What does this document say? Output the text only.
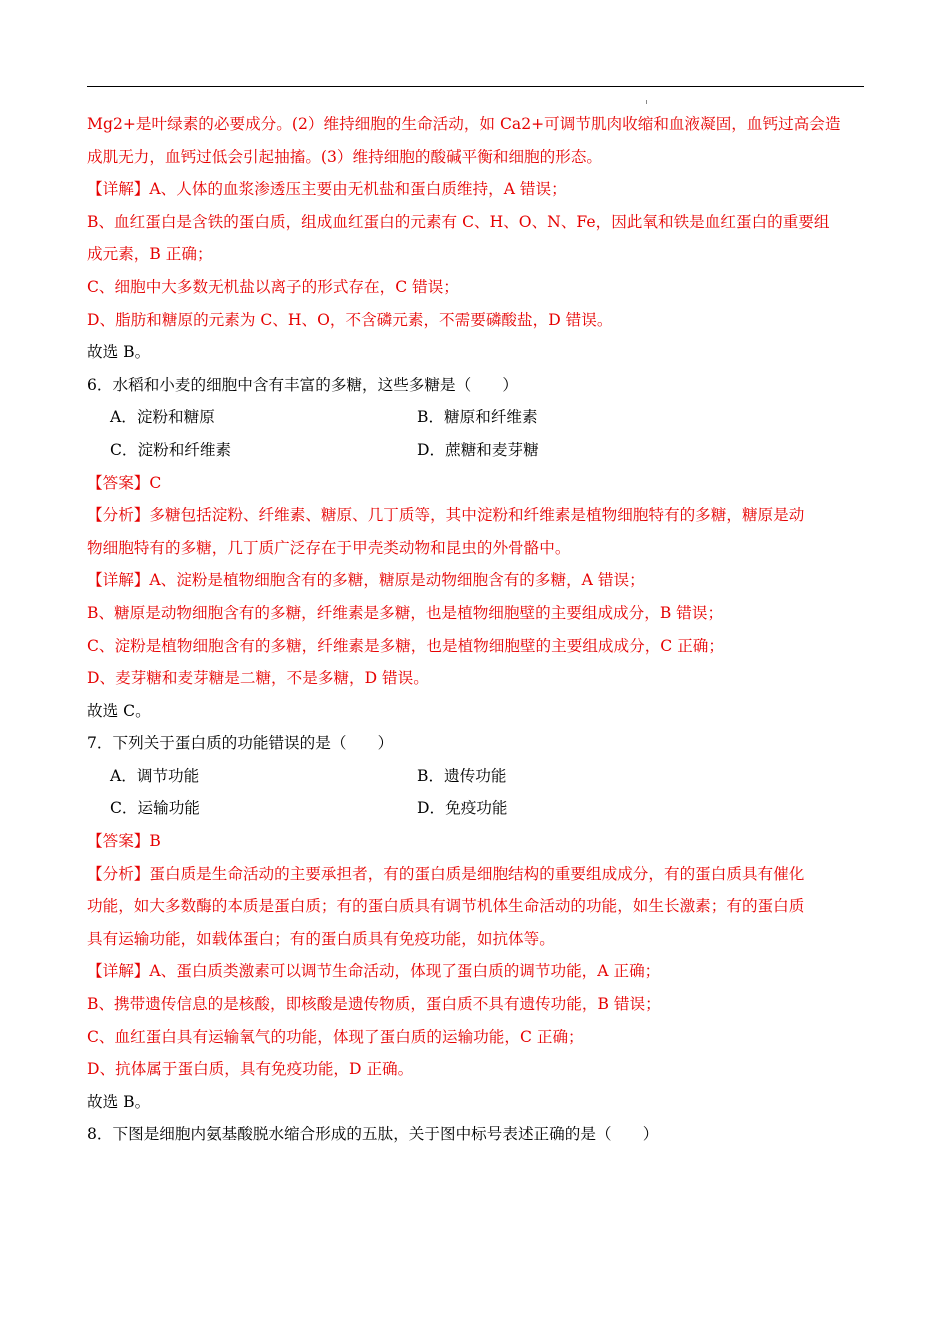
Mg2+是叶绿素的必要成分。(2）维持细胞的生命活动，如 Ca2+可调节肌肉收缩和血液凝固，血钙过高会造
成肌无力，血钙过低会引起抽搐。(3）维持细胞的酸碱平衡和细胞的形态。
【详解】A、人体的血浆渗透压主要由无机盐和蛋白质维持，A 错误；
B、血红蛋白是含铁的蛋白质，组成血红蛋白的元素有 C、H、O、N、Fe，因此氧和铁是血红蛋白的重要组
成元素，B 正确；
C、细胞中大多数无机盐以离子的形式存在，C 错误；
D、脂肪和糖原的元素为 C、H、O，不含磷元素，不需要磷酸盐，D 错误。
故选 B。
6．水稻和小麦的细胞中含有丰富的多糖，这些多糖是（　　）
A．淀粉和糖原	B．糖原和纤维素
C．淀粉和纤维素	D．蔗糖和麦芽糖
【答案】C
【分析】多糖包括淀粉、纤维素、糖原、几丁质等，其中淀粉和纤维素是植物细胞特有的多糖，糖原是动
物细胞特有的多糖，几丁质广泛存在于甲壳类动物和昆虫的外骨骼中。
【详解】A、淀粉是植物细胞含有的多糖，糖原是动物细胞含有的多糖，A 错误；
B、糖原是动物细胞含有的多糖，纤维素是多糖，也是植物细胞壁的主要组成成分，B 错误；
C、淀粉是植物细胞含有的多糖，纤维素是多糖，也是植物细胞壁的主要组成成分，C 正确；
D、麦芽糖和麦芽糖是二糖，不是多糖，D 错误。
故选 C。
7．下列关于蛋白质的功能错误的是（　　）
A．调节功能	B．遗传功能
C．运输功能	D．免疫功能
【答案】B
【分析】蛋白质是生命活动的主要承担者，有的蛋白质是细胞结构的重要组成成分，有的蛋白质具有催化
功能，如大多数酶的本质是蛋白质；有的蛋白质具有调节机体生命活动的功能，如生长激素；有的蛋白质
具有运输功能，如载体蛋白；有的蛋白质具有免疫功能，如抗体等。
【详解】A、蛋白质类激素可以调节生命活动，体现了蛋白质的调节功能，A 正确；
B、携带遗传信息的是核酸，即核酸是遗传物质，蛋白质不具有遗传功能，B 错误；
C、血红蛋白具有运输氧气的功能，体现了蛋白质的运输功能，C 正确；
D、抗体属于蛋白质，具有免疫功能，D 正确。
故选 B。
8．下图是细胞内氨基酸脱水缩合形成的五肽，关于图中标号表述正确的是（　　）
